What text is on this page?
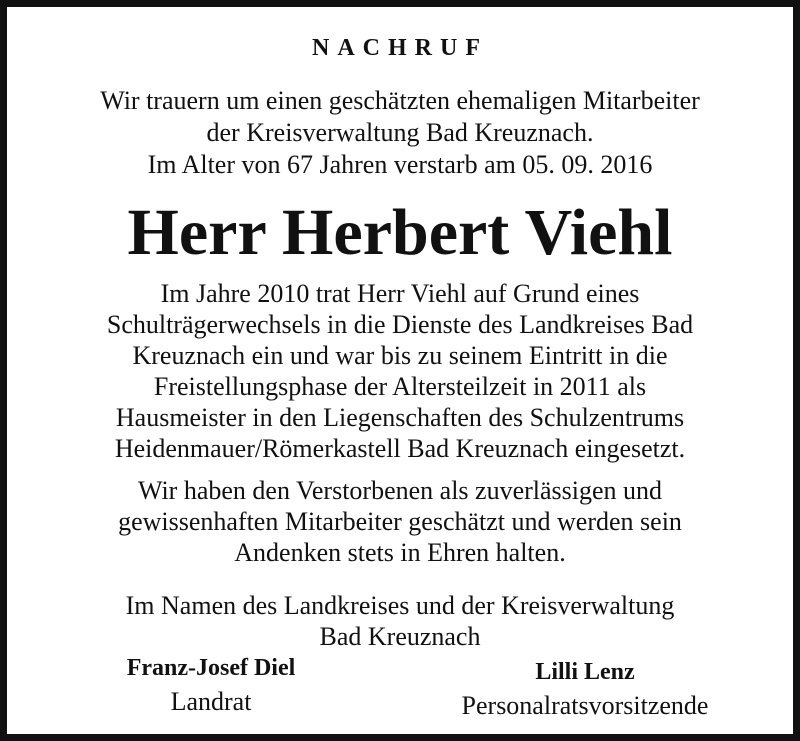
NACHRUF
Wir trauern um einen geschätzten ehemaligen Mitarbeiter
der Kreisverwaltung Bad Kreuznach.
Im Alter von 67 Jahren verstarb am 05. 09. 2016
Herr Herbert Viehl
Im Jahre 2010 trat Herr Viehl auf Grund eines
Schulträgerwechsels in die Dienste des Landkreises Bad
Kreuznach ein und war bis zu seinem Eintritt in die
Freistellungsphase der Altersteilzeit in 2011 als
Hausmeister in den Liegenschaften des Schulzentrums
Heidenmauer/Römerkastell Bad Kreuznach eingesetzt.
Wir haben den Verstorbenen als zuverlässigen und
gewissenhaften Mitarbeiter geschätzt und werden sein
Andenken stets in Ehren halten.
Im Namen des Landkreises und der Kreisverwaltung
Bad Kreuznach
Franz-Josef Diel
Landrat
Lilli Lenz
Personalratsvorsitzende
